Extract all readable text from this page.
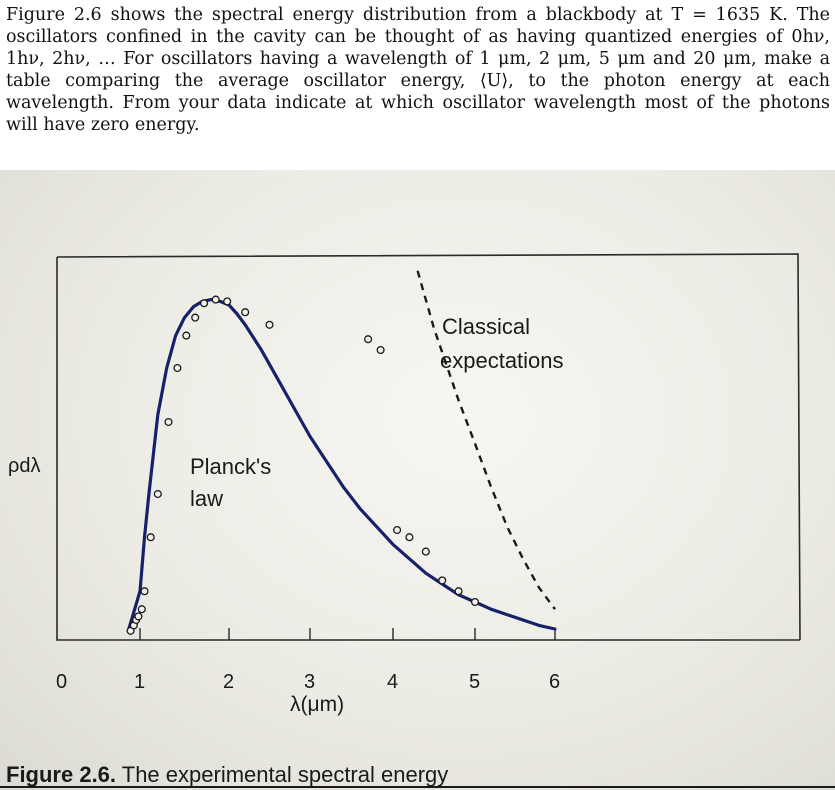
Figure 2.6 shows the spectral energy distribution from a blackbody at T = 1635 K. The oscillators confined in the cavity can be thought of as having quantized energies of 0hν, 1hν, 2hν, … For oscillators having a wavelength of 1 μm, 2 μm, 5 μm and 20 μm, make a table comparing the average oscillator energy, ⟨U⟩, to the photon energy at each wavelength. From your data indicate at which oscillator wavelength most of the photons will have zero energy.

0	1	2	3	4	5	6
Classical
expectations
Planck's law
ρdλ
λ(μm)
Figure 2.6. The experimental spectral energy
